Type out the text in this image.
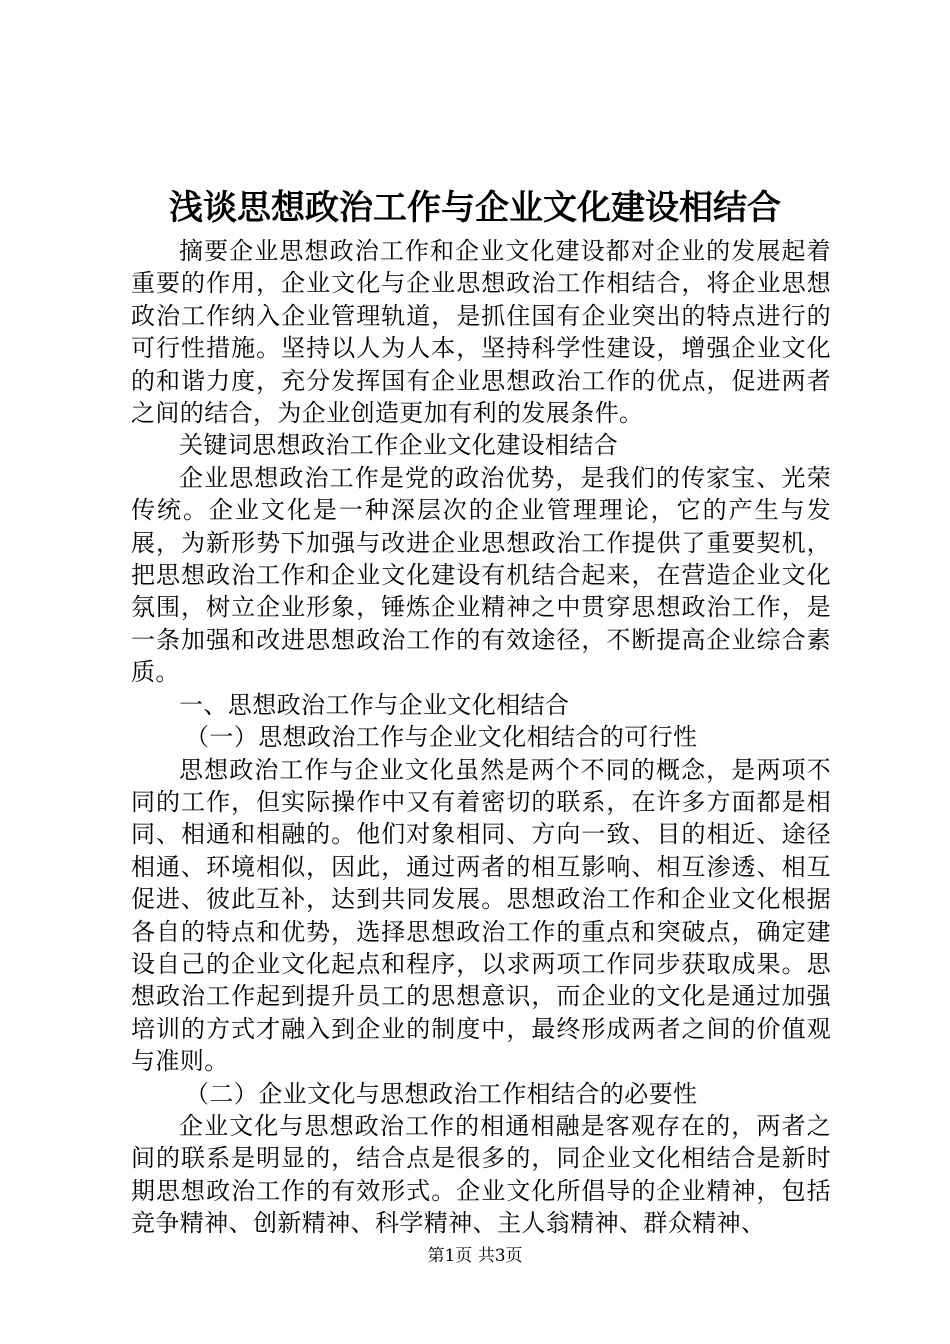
浅谈思想政治工作与企业文化建设相结合

摘要企业思想政治工作和企业文化建设都对企业的发展起着重要的作用，企业文化与企业思想政治工作相结合，将企业思想政治工作纳入企业管理轨道，是抓住国有企业突出的特点进行的可行性措施。坚持以人为人本，坚持科学性建设，增强企业文化的和谐力度，充分发挥国有企业思想政治工作的优点，促进两者之间的结合，为企业创造更加有利的发展条件。

关键词思想政治工作企业文化建设相结合

企业思想政治工作是党的政治优势，是我们的传家宝、光荣传统。企业文化是一种深层次的企业管理理论，它的产生与发展，为新形势下加强与改进企业思想政治工作提供了重要契机，把思想政治工作和企业文化建设有机结合起来，在营造企业文化氛围，树立企业形象，锤炼企业精神之中贯穿思想政治工作，是一条加强和改进思想政治工作的有效途径，不断提高企业综合素质。

一、思想政治工作与企业文化相结合

（一）思想政治工作与企业文化相结合的可行性

思想政治工作与企业文化虽然是两个不同的概念，是两项不同的工作，但实际操作中又有着密切的联系，在许多方面都是相同、相通和相融的。他们对象相同、方向一致、目的相近、途径相通、环境相似，因此，通过两者的相互影响、相互渗透、相互促进、彼此互补，达到共同发展。思想政治工作和企业文化根据各自的特点和优势，选择思想政治工作的重点和突破点，确定建设自己的企业文化起点和程序，以求两项工作同步获取成果。思想政治工作起到提升员工的思想意识，而企业的文化是通过加强培训的方式才融入到企业的制度中，最终形成两者之间的价值观与准则。

（二）企业文化与思想政治工作相结合的必要性

企业文化与思想政治工作的相通相融是客观存在的，两者之间的联系是明显的，结合点是很多的，同企业文化相结合是新时期思想政治工作的有效形式。企业文化所倡导的企业精神，包括竞争精神、创新精神、科学精神、主人翁精神、群众精神、

第1页 共3页
